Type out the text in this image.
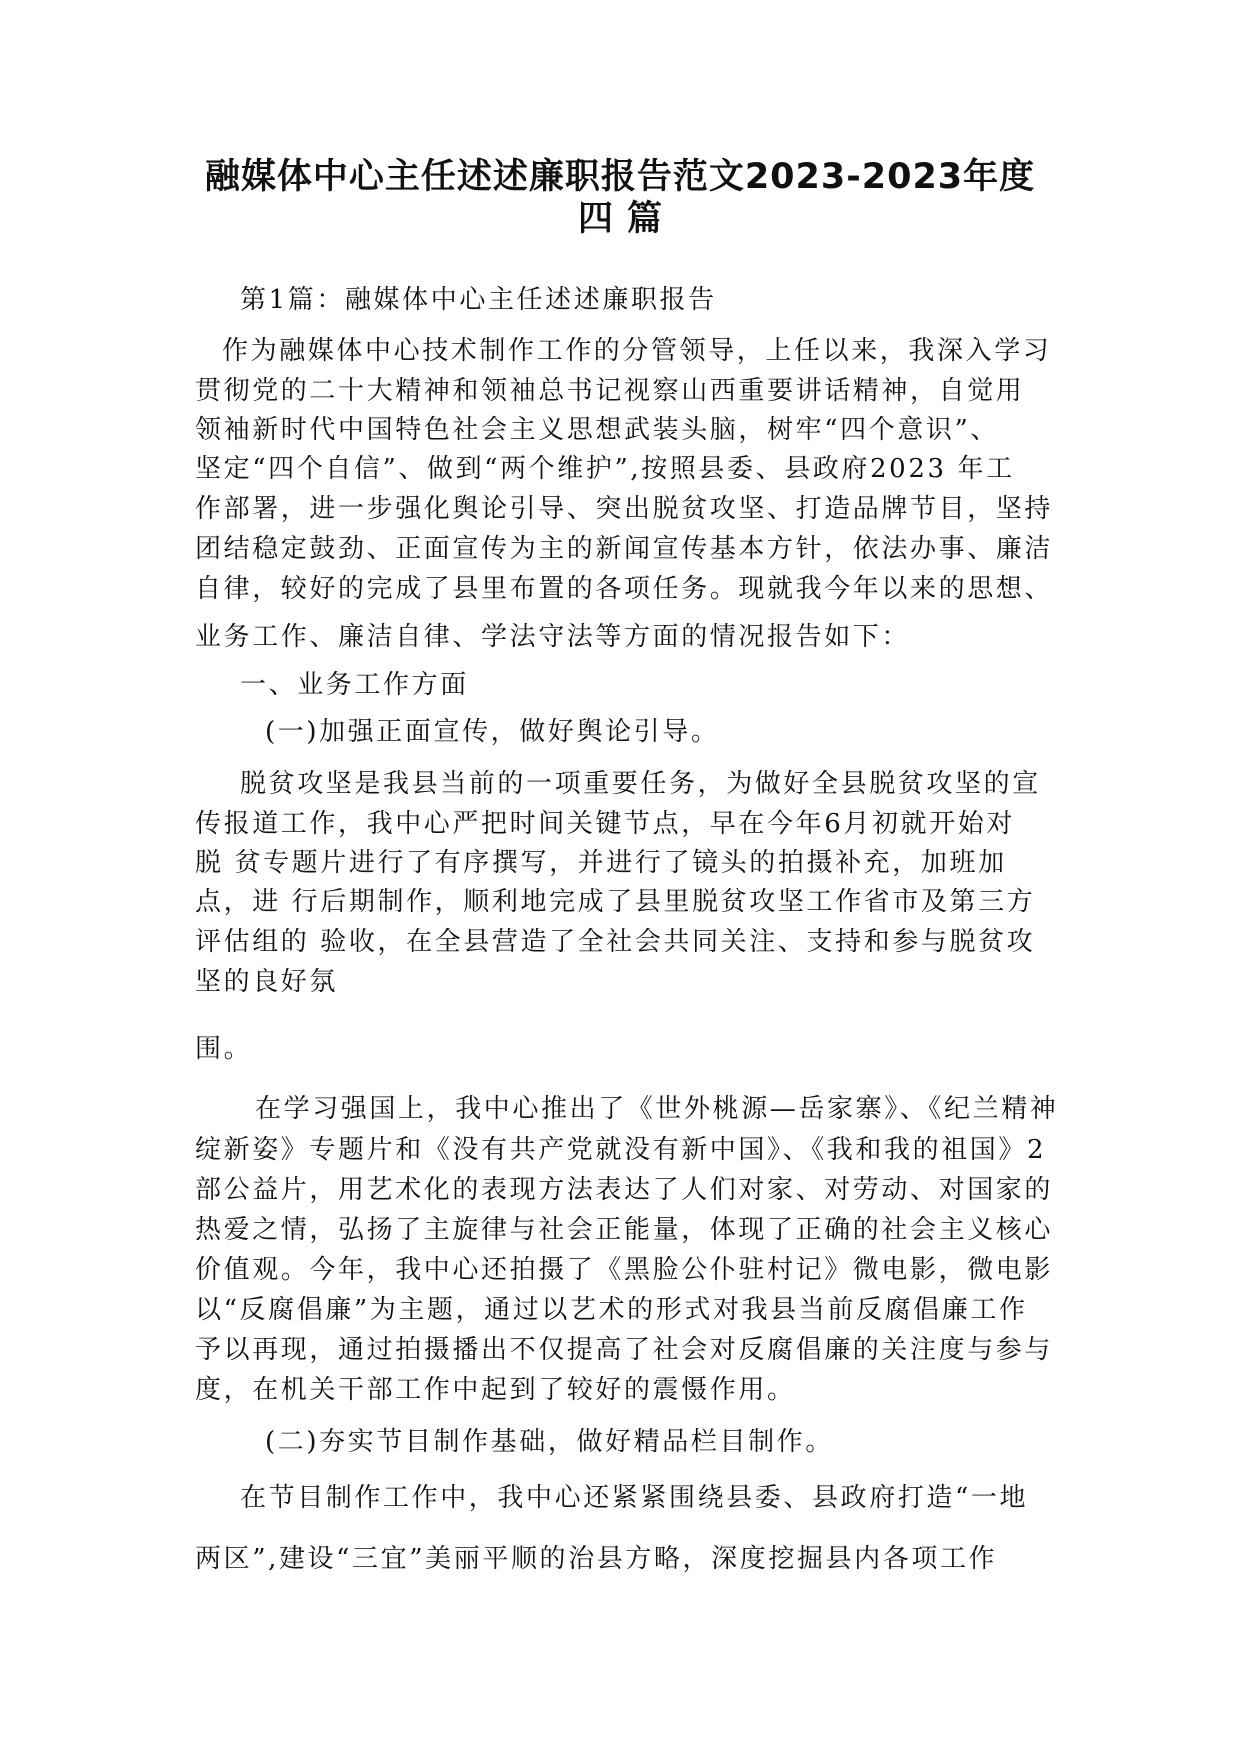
融媒体中心主任述述廉职报告范文2023-2023年度
四篇
第1篇：融媒体中心主任述述廉职报告
作为融媒体中心技术制作工作的分管领导，上任以来，我深入学习
贯彻党的二十大精神和领袖总书记视察山西重要讲话精神，自觉用
领袖新时代中国特色社会主义思想武装头脑，树牢“四个意识”、
坚定“四个自信”、做到“两个维护”,按照县委、县政府2023 年工
作部署，进一步强化舆论引导、突出脱贫攻坚、打造品牌节目，坚持
团结稳定鼓劲、正面宣传为主的新闻宣传基本方针，依法办事、廉洁
自律，较好的完成了县里布置的各项任务。现就我今年以来的思想、
业务工作、廉洁自律、学法守法等方面的情况报告如下：
一、业务工作方面
(一)加强正面宣传，做好舆论引导。
脱贫攻坚是我县当前的一项重要任务，为做好全县脱贫攻坚的宣
传报道工作，我中心严把时间关键节点，早在今年6月初就开始对
脱 贫专题片进行了有序撰写，并进行了镜头的拍摄补充，加班加
点，进 行后期制作，顺利地完成了县里脱贫攻坚工作省市及第三方
评估组的 验收，在全县营造了全社会共同关注、支持和参与脱贫攻
坚的良好氛
围。
在学习强国上，我中心推出了《世外桃源—岳家寨》、《纪兰精神
绽新姿》专题片和《没有共产党就没有新中国》、《我和我的祖国》2
部公益片，用艺术化的表现方法表达了人们对家、对劳动、对国家的
热爱之情，弘扬了主旋律与社会正能量，体现了正确的社会主义核心
价值观。今年，我中心还拍摄了《黑脸公仆驻村记》微电影，微电影
以“反腐倡廉”为主题，通过以艺术的形式对我县当前反腐倡廉工作
予以再现，通过拍摄播出不仅提高了社会对反腐倡廉的关注度与参与
度，在机关干部工作中起到了较好的震慑作用。
(二)夯实节目制作基础，做好精品栏目制作。
在节目制作工作中，我中心还紧紧围绕县委、县政府打造“一地
两区”,建设“三宜”美丽平顺的治县方略，深度挖掘县内各项工作
